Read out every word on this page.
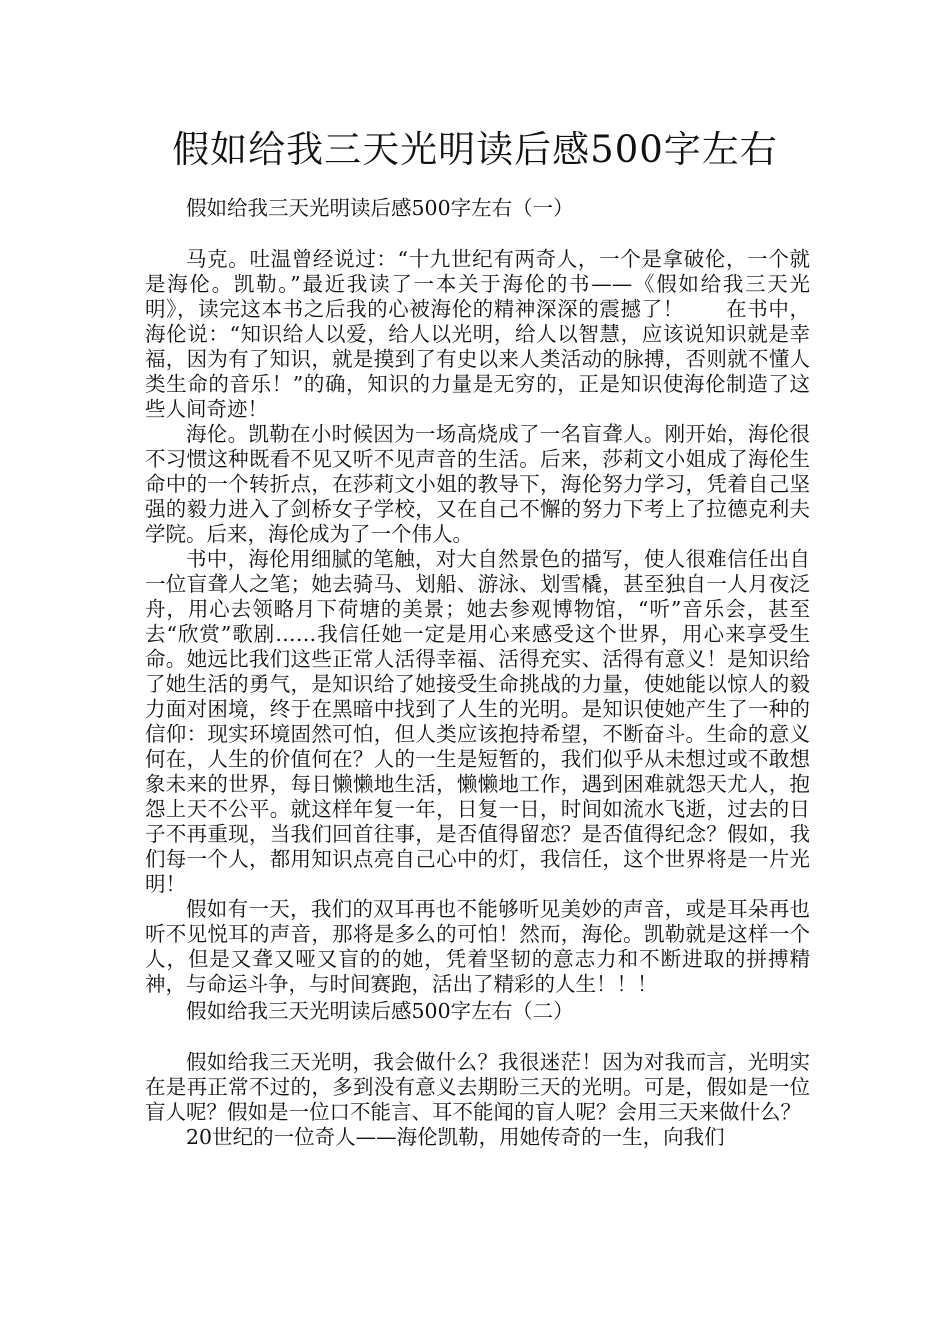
假如给我三天光明读后感500字左右

假如给我三天光明读后感500字左右（一）

马克。吐温曾经说过：“十九世纪有两奇人，一个是拿破伦，一个就是海伦。凯勒。”最近我读了一本关于海伦的书——《假如给我三天光明》，读完这本书之后我的心被海伦的精神深深的震撼了！　　在书中，海伦说：“知识给人以爱，给人以光明，给人以智慧，应该说知识就是幸福，因为有了知识，就是摸到了有史以来人类活动的脉搏，否则就不懂人类生命的音乐！”的确，知识的力量是无穷的，正是知识使海伦制造了这些人间奇迹！

海伦。凯勒在小时候因为一场高烧成了一名盲聋人。刚开始，海伦很不习惯这种既看不见又听不见声音的生活。后来，莎莉文小姐成了海伦生命中的一个转折点，在莎莉文小姐的教导下，海伦努力学习，凭着自己坚强的毅力进入了剑桥女子学校，又在自己不懈的努力下考上了拉德克利夫学院。后来，海伦成为了一个伟人。

书中，海伦用细腻的笔触，对大自然景色的描写，使人很难信任出自一位盲聋人之笔；她去骑马、划船、游泳、划雪橇，甚至独自一人月夜泛舟，用心去领略月下荷塘的美景；她去参观博物馆，“听”音乐会，甚至去“欣赏”歌剧……我信任她一定是用心来感受这个世界，用心来享受生命。她远比我们这些正常人活得幸福、活得充实、活得有意义！是知识给了她生活的勇气，是知识给了她接受生命挑战的力量，使她能以惊人的毅力面对困境，终于在黑暗中找到了人生的光明。是知识使她产生了一种的信仰：现实环境固然可怕，但人类应该抱持希望，不断奋斗。生命的意义何在，人生的价值何在？人的一生是短暂的，我们似乎从未想过或不敢想象未来的世界，每日懒懒地生活，懒懒地工作，遇到困难就怨天尤人，抱怨上天不公平。就这样年复一年，日复一日，时间如流水飞逝，过去的日子不再重现，当我们回首往事，是否值得留恋？是否值得纪念？假如，我们每一个人，都用知识点亮自己心中的灯，我信任，这个世界将是一片光明！

假如有一天，我们的双耳再也不能够听见美妙的声音，或是耳朵再也听不见悦耳的声音，那将是多么的可怕！然而，海伦。凯勒就是这样一个人，但是又聋又哑又盲的的她，凭着坚韧的意志力和不断进取的拼搏精神，与命运斗争，与时间赛跑，活出了精彩的人生！！！

假如给我三天光明读后感500字左右（二）

假如给我三天光明，我会做什么？我很迷茫！因为对我而言，光明实在是再正常不过的，多到没有意义去期盼三天的光明。可是，假如是一位盲人呢？假如是一位口不能言、耳不能闻的盲人呢？会用三天来做什么？

20世纪的一位奇人——海伦凯勒，用她传奇的一生，向我们
